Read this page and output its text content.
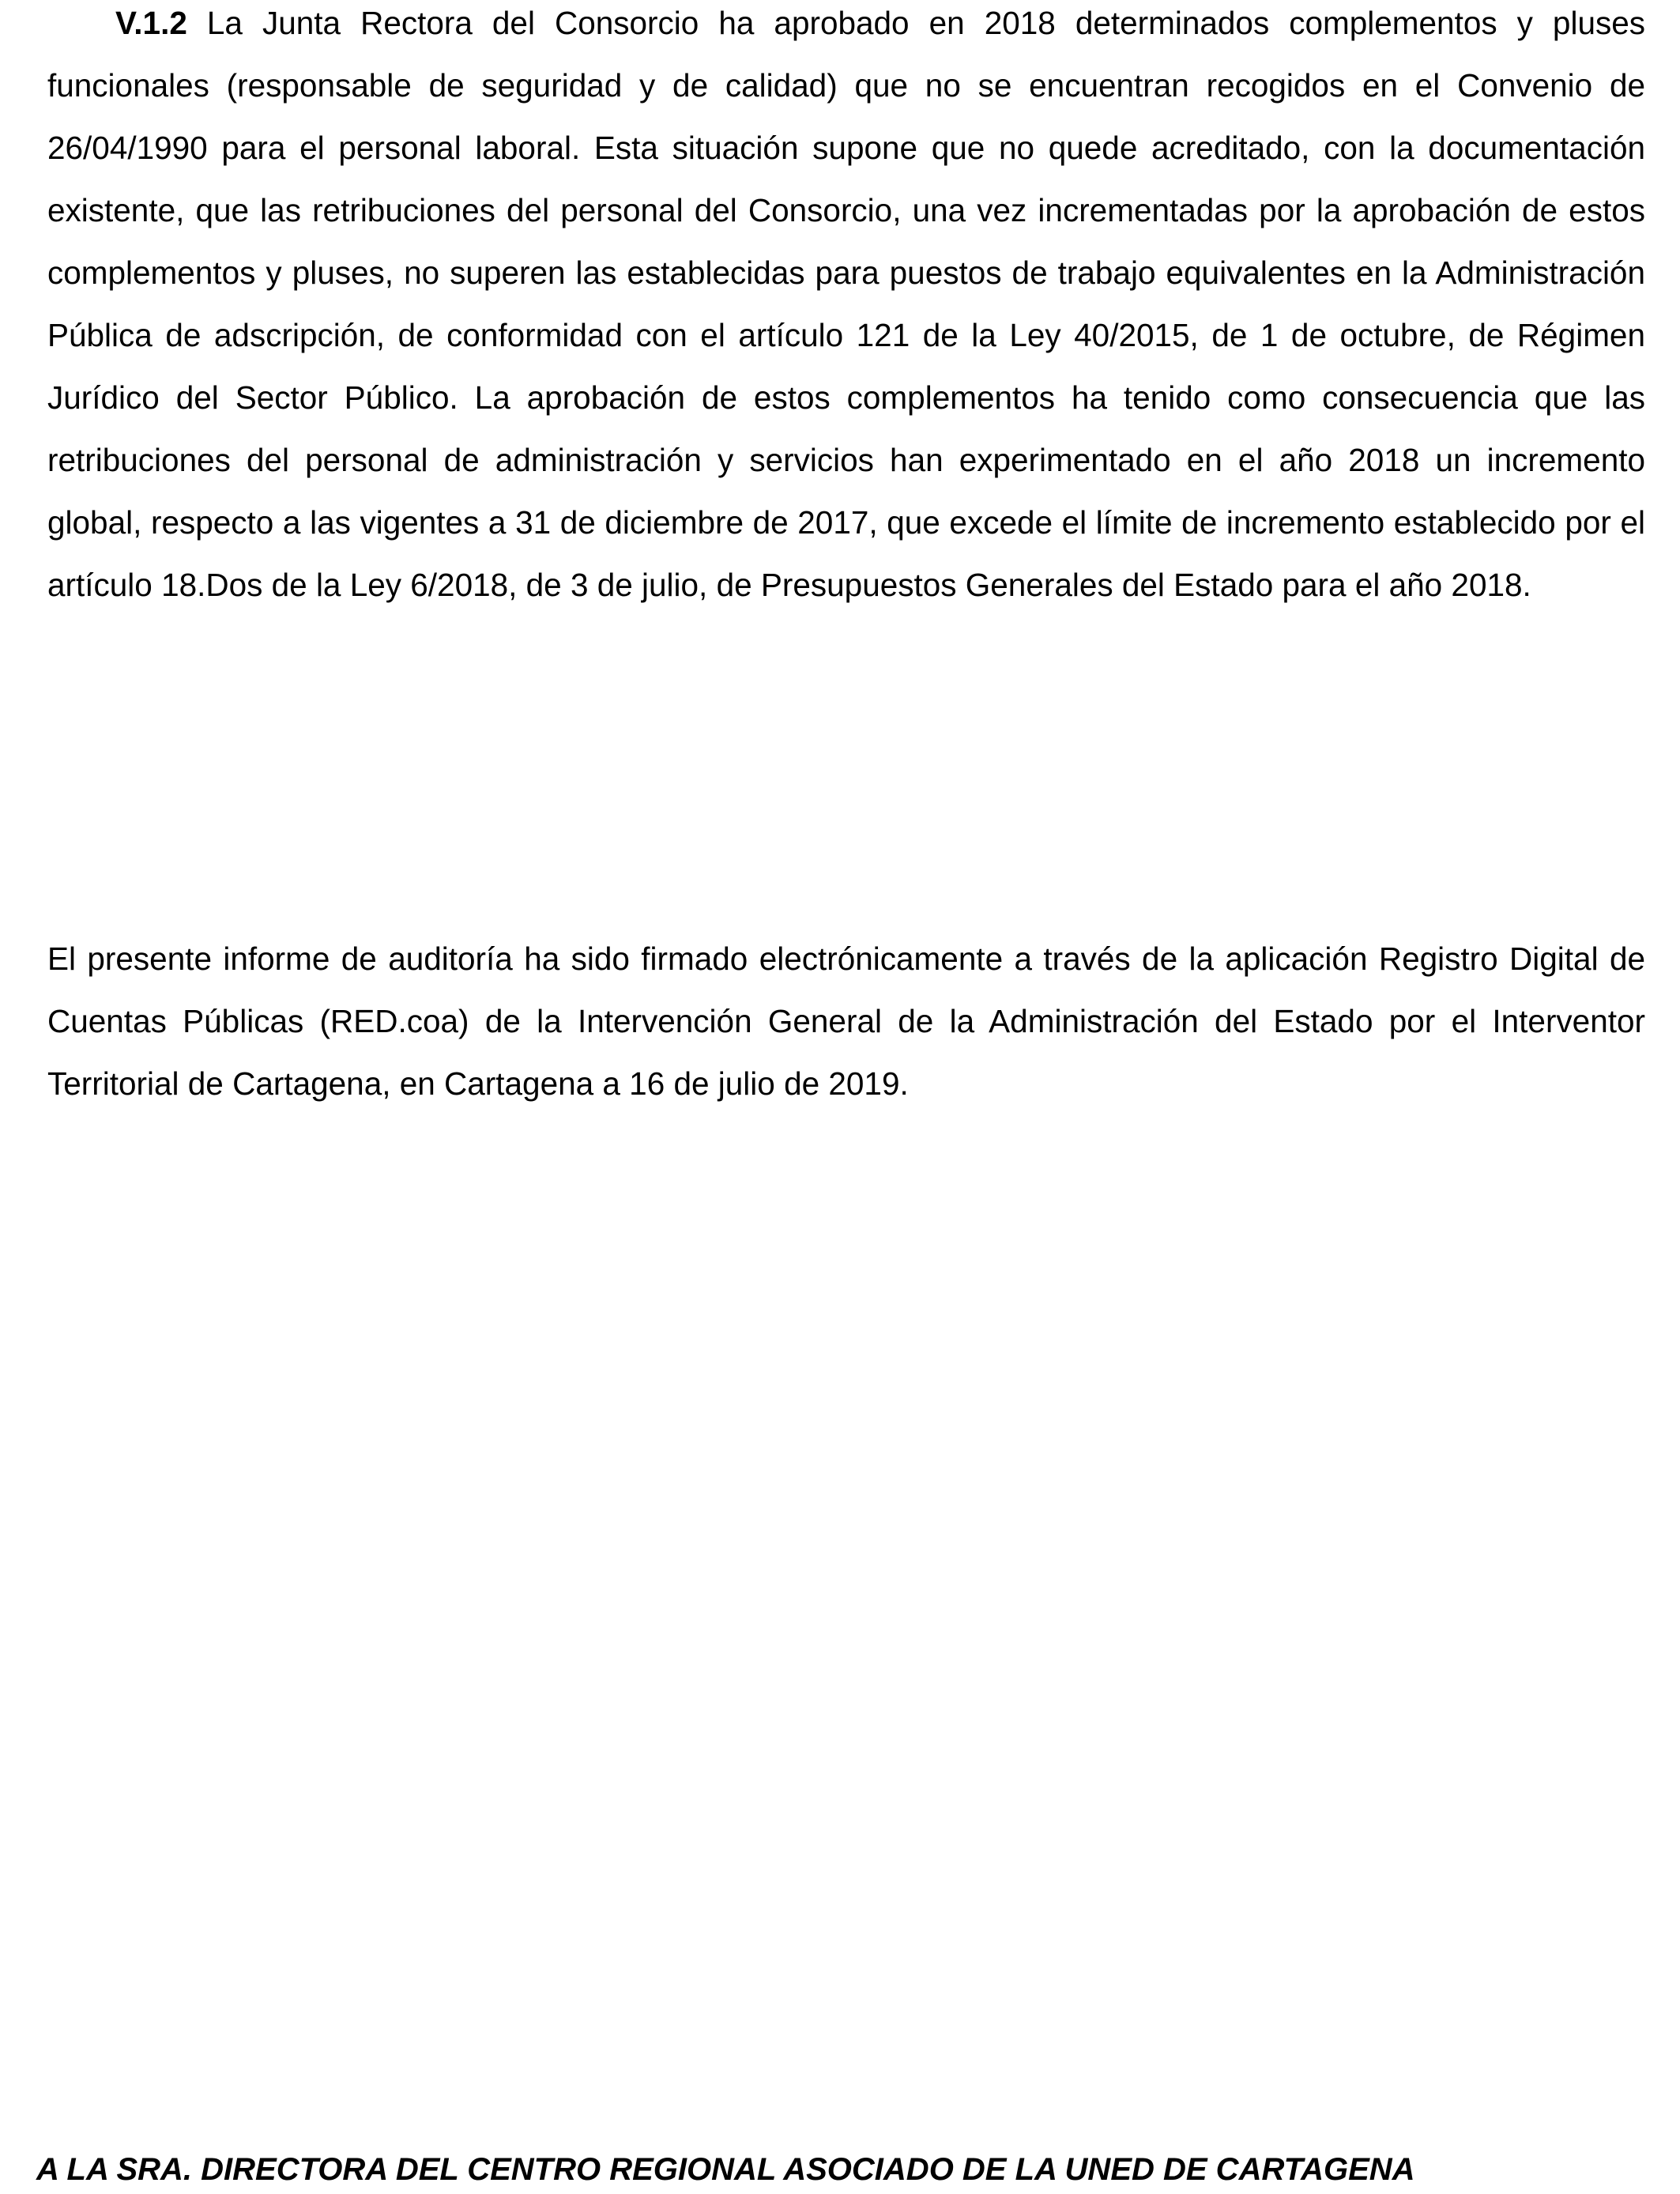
V.1.2 La Junta Rectora del Consorcio ha aprobado en 2018 determinados complementos y pluses funcionales (responsable de seguridad y de calidad) que no se encuentran recogidos en el Convenio de 26/04/1990 para el personal laboral. Esta situación supone que no quede acreditado, con la documentación existente, que las retribuciones del personal del Consorcio, una vez incrementadas por la aprobación de estos complementos y pluses, no superen las establecidas para puestos de trabajo equivalentes en la Administración Pública de adscripción, de conformidad con el artículo 121 de la Ley 40/2015, de 1 de octubre, de Régimen Jurídico del Sector Público. La aprobación de estos complementos ha tenido como consecuencia que las retribuciones del personal de administración y servicios han experimentado en el año 2018 un incremento global, respecto a las vigentes a 31 de diciembre de 2017, que excede el límite de incremento establecido por el artículo 18.Dos de la Ley 6/2018, de 3 de julio, de Presupuestos Generales del Estado para el año 2018.

El presente informe de auditoría ha sido firmado electrónicamente a través de la aplicación Registro Digital de Cuentas Públicas (RED.coa) de la Intervención General de la Administración del Estado por el Interventor Territorial de Cartagena, en Cartagena a 16 de julio de 2019.

A LA SRA. DIRECTORA DEL CENTRO REGIONAL ASOCIADO DE LA UNED DE CARTAGENA
